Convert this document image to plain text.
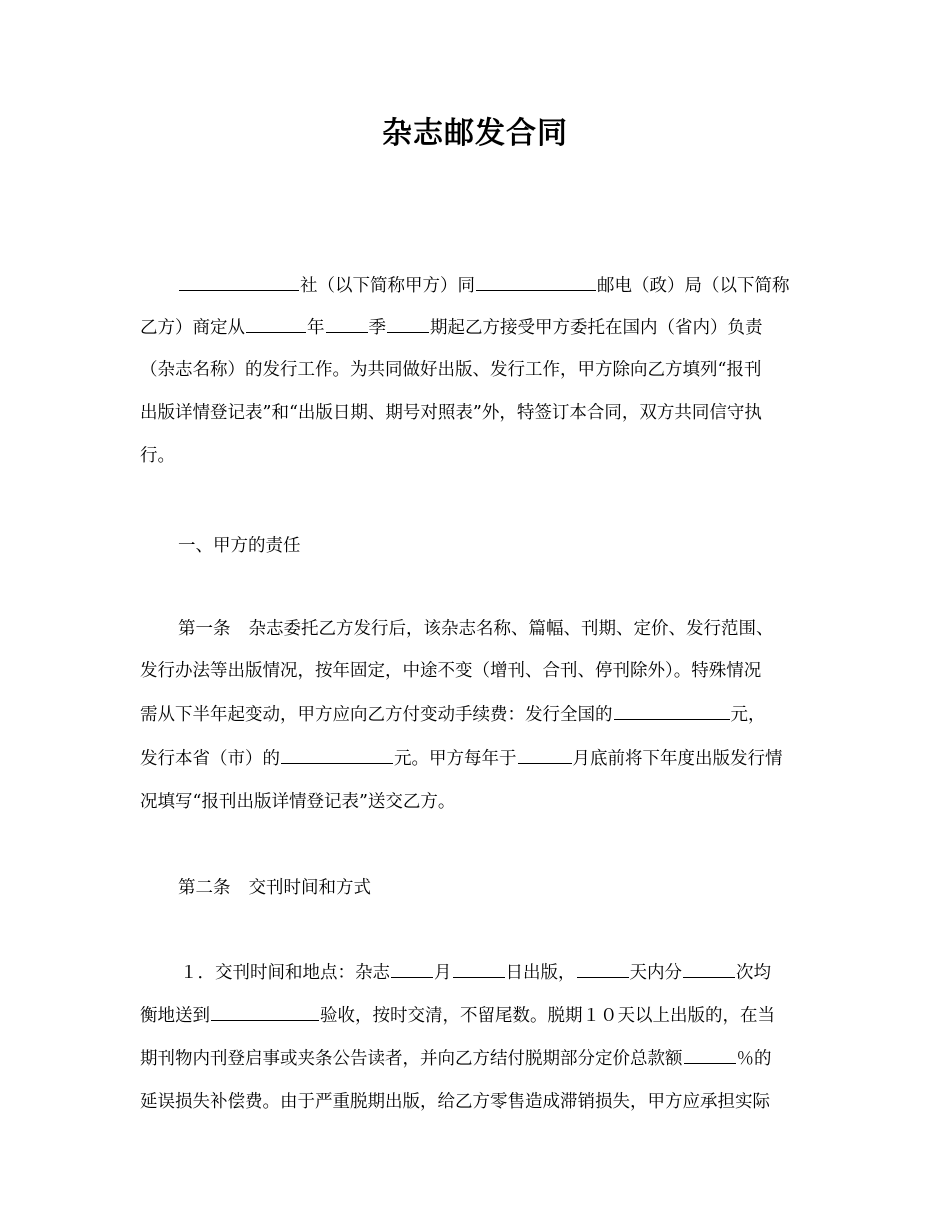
杂志邮发合同
社（以下简称甲方）同	邮电（政）局（以下简称
乙方）商定从	年	季	期起乙方接受甲方委托在国内（省内）负责
（杂志名称）的发行工作。为共同做好出版、发行工作，甲方除向乙方填列“报刊
出版详情登记表”和“出版日期、期号对照表”外，特签订本合同，双方共同信守执
行。
一、甲方的责任
第一条 杂志委托乙方发行后，该杂志名称、篇幅、刊期、定价、发行范围、
发行办法等出版情况，按年固定，中途不变（增刊、合刊、停刊除外）。特殊情况
需从下半年起变动，甲方应向乙方付变动手续费：发行全国的	元，
发行本省（市）的	元。甲方每年于	月底前将下年度出版发行情
况填写“报刊出版详情登记表”送交乙方。
第二条 交刊时间和方式
１．交刊时间和地点：杂志	月	日出版，	天内分	次均
衡地送到	验收，按时交清，不留尾数。脱期１０天以上出版的，在当
期刊物内刊登启事或夹条公告读者，并向乙方结付脱期部分定价总款额	％的
延误损失补偿费。由于严重脱期出版，给乙方零售造成滞销损失，甲方应承担实际
